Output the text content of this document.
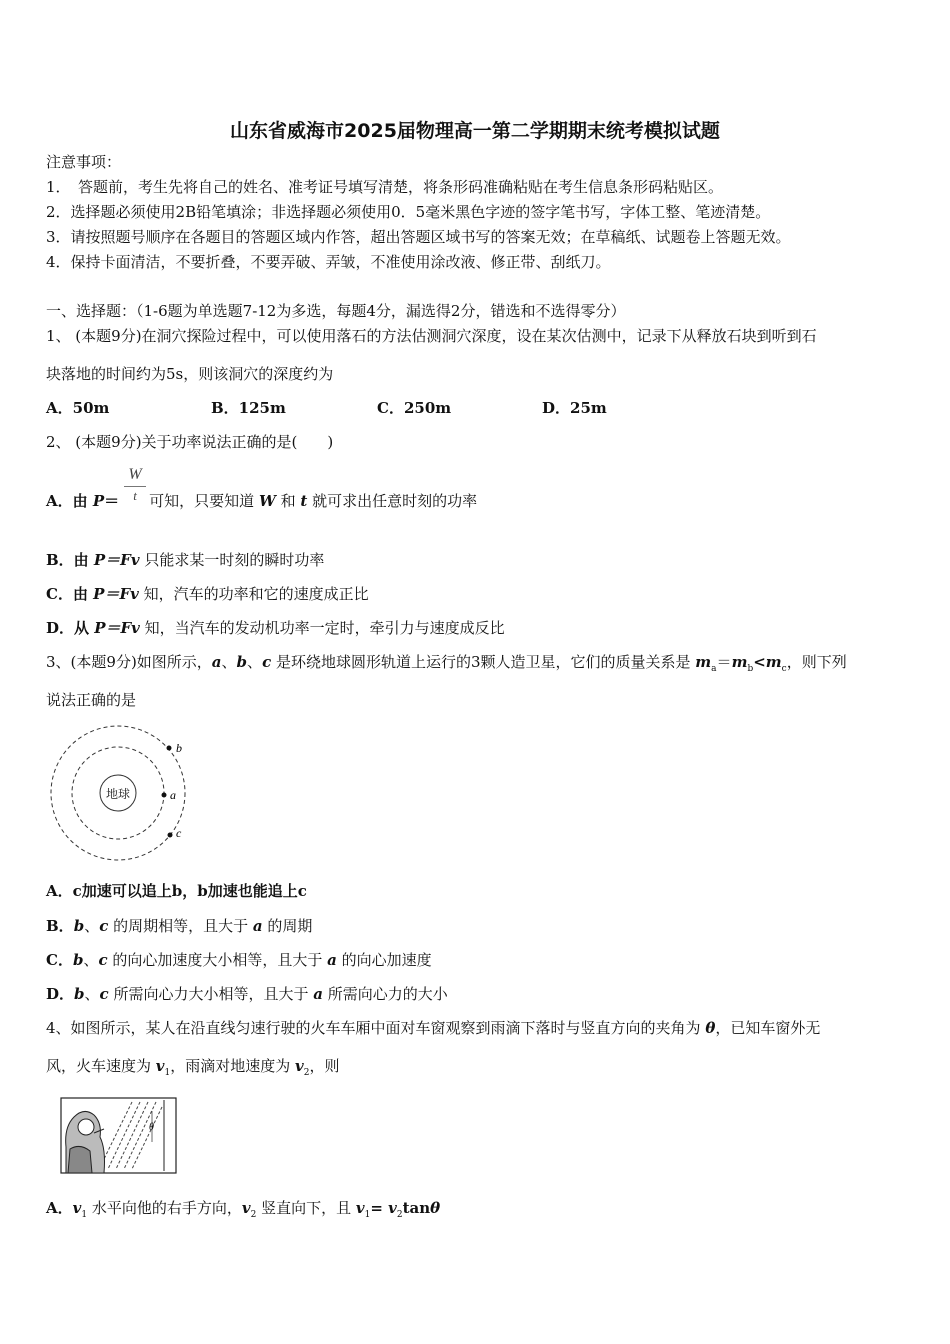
山东省威海市2025届物理高一第二学期期末统考模拟试题
注意事项：
1．　答题前，考生先将自己的姓名、准考证号填写清楚，将条形码准确粘贴在考生信息条形码粘贴区。
2．选择题必须使用2B铅笔填涂；非选择题必须使用0．5毫米黑色字迹的签字笔书写，字体工整、笔迹清楚。
3．请按照题号顺序在各题目的答题区域内作答，超出答题区域书写的答案无效；在草稿纸、试题卷上答题无效。
4．保持卡面清洁，不要折叠，不要弄破、弄皱，不准使用涂改液、修正带、刮纸刀。
一、选择题：（1-6题为单选题7-12为多选，每题4分，漏选得2分，错选和不选得零分）
1、 (本题9分)在洞穴探险过程中，可以使用落石的方法估测洞穴深度，设在某次估测中，记录下从释放石块到听到石
块落地的时间约为5s，则该洞穴的深度约为
A．50m	B．125m	C．250m	D．25m
2、 (本题9分)关于功率说法正确的是(　　)
W
t
A．由 P＝ 可知，只要知道 W 和 t 就可求出任意时刻的功率
B．由 P＝Fv 只能求某一时刻的瞬时功率
C．由 P＝Fv 知，汽车的功率和它的速度成正比
D．从 P＝Fv 知，当汽车的发动机功率一定时，牵引力与速度成反比
3、(本题9分)如图所示，a、b、c 是环绕地球圆形轨道上运行的3颗人造卫星，它们的质量关系是 $m_a=m_b<m_c$，则下列
说法正确的是
地球	a
b
c
A．c加速可以追上b，b加速也能追上c
B．b、c 的周期相等，且大于 a 的周期
C．b、c 的向心加速度大小相等，且大于 a 的向心加速度
D．b、c 所需向心力大小相等，且大于 a 所需向心力的大小
4、如图所示，某人在沿直线匀速行驶的火车车厢中面对车窗观察到雨滴下落时与竖直方向的夹角为 θ，已知车窗外无
风，火车速度为 $v_1$，雨滴对地速度为 $v_2$，则
θ
A．$v_1$ 水平向他的右手方向，$v_2$ 竖直向下，且 $v_1= v_2\tan\theta$
